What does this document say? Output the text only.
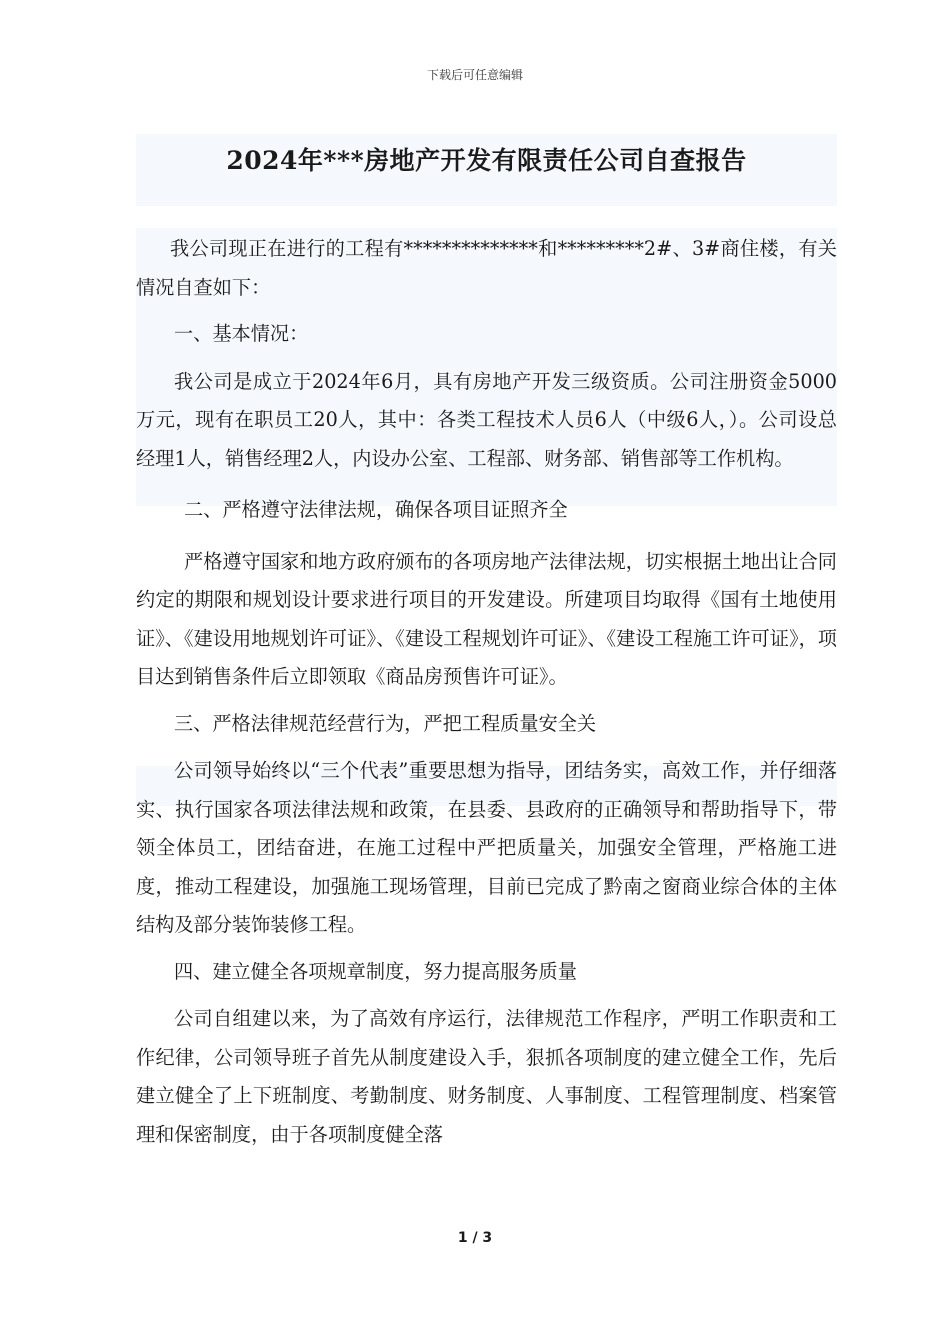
下载后可任意编辑
2024年***房地产开发有限责任公司自查报告

我公司现正在进行的工程有**************和*********2#、3#商住楼，有关情况自查如下：

一、基本情况：

我公司是成立于2024年6月，具有房地产开发三级资质。公司注册资金5000万元，现有在职员工20人，其中：各类工程技术人员6人（中级6人，）。公司设总经理1人，销售经理2人，内设办公室、工程部、财务部、销售部等工作机构。

二、严格遵守法律法规，确保各项目证照齐全

严格遵守国家和地方政府颁布的各项房地产法律法规，切实根据土地出让合同约定的期限和规划设计要求进行项目的开发建设。所建项目均取得《国有土地使用证》、《建设用地规划许可证》、《建设工程规划许可证》、《建设工程施工许可证》，项目达到销售条件后立即领取《商品房预售许可证》。

三、严格法律规范经营行为，严把工程质量安全关

公司领导始终以“三个代表”重要思想为指导，团结务实，高效工作，并仔细落实、执行国家各项法律法规和政策，在县委、县政府的正确领导和帮助指导下，带领全体员工，团结奋进，在施工过程中严把质量关，加强安全管理，严格施工进度，推动工程建设，加强施工现场管理，目前已完成了黔南之窗商业综合体的主体结构及部分装饰装修工程。

四、建立健全各项规章制度，努力提高服务质量

公司自组建以来，为了高效有序运行，法律规范工作程序，严明工作职责和工作纪律，公司领导班子首先从制度建设入手，狠抓各项制度的建立健全工作，先后建立健全了上下班制度、考勤制度、财务制度、人事制度、工程管理制度、档案管理和保密制度，由于各项制度健全落

1 / 3
